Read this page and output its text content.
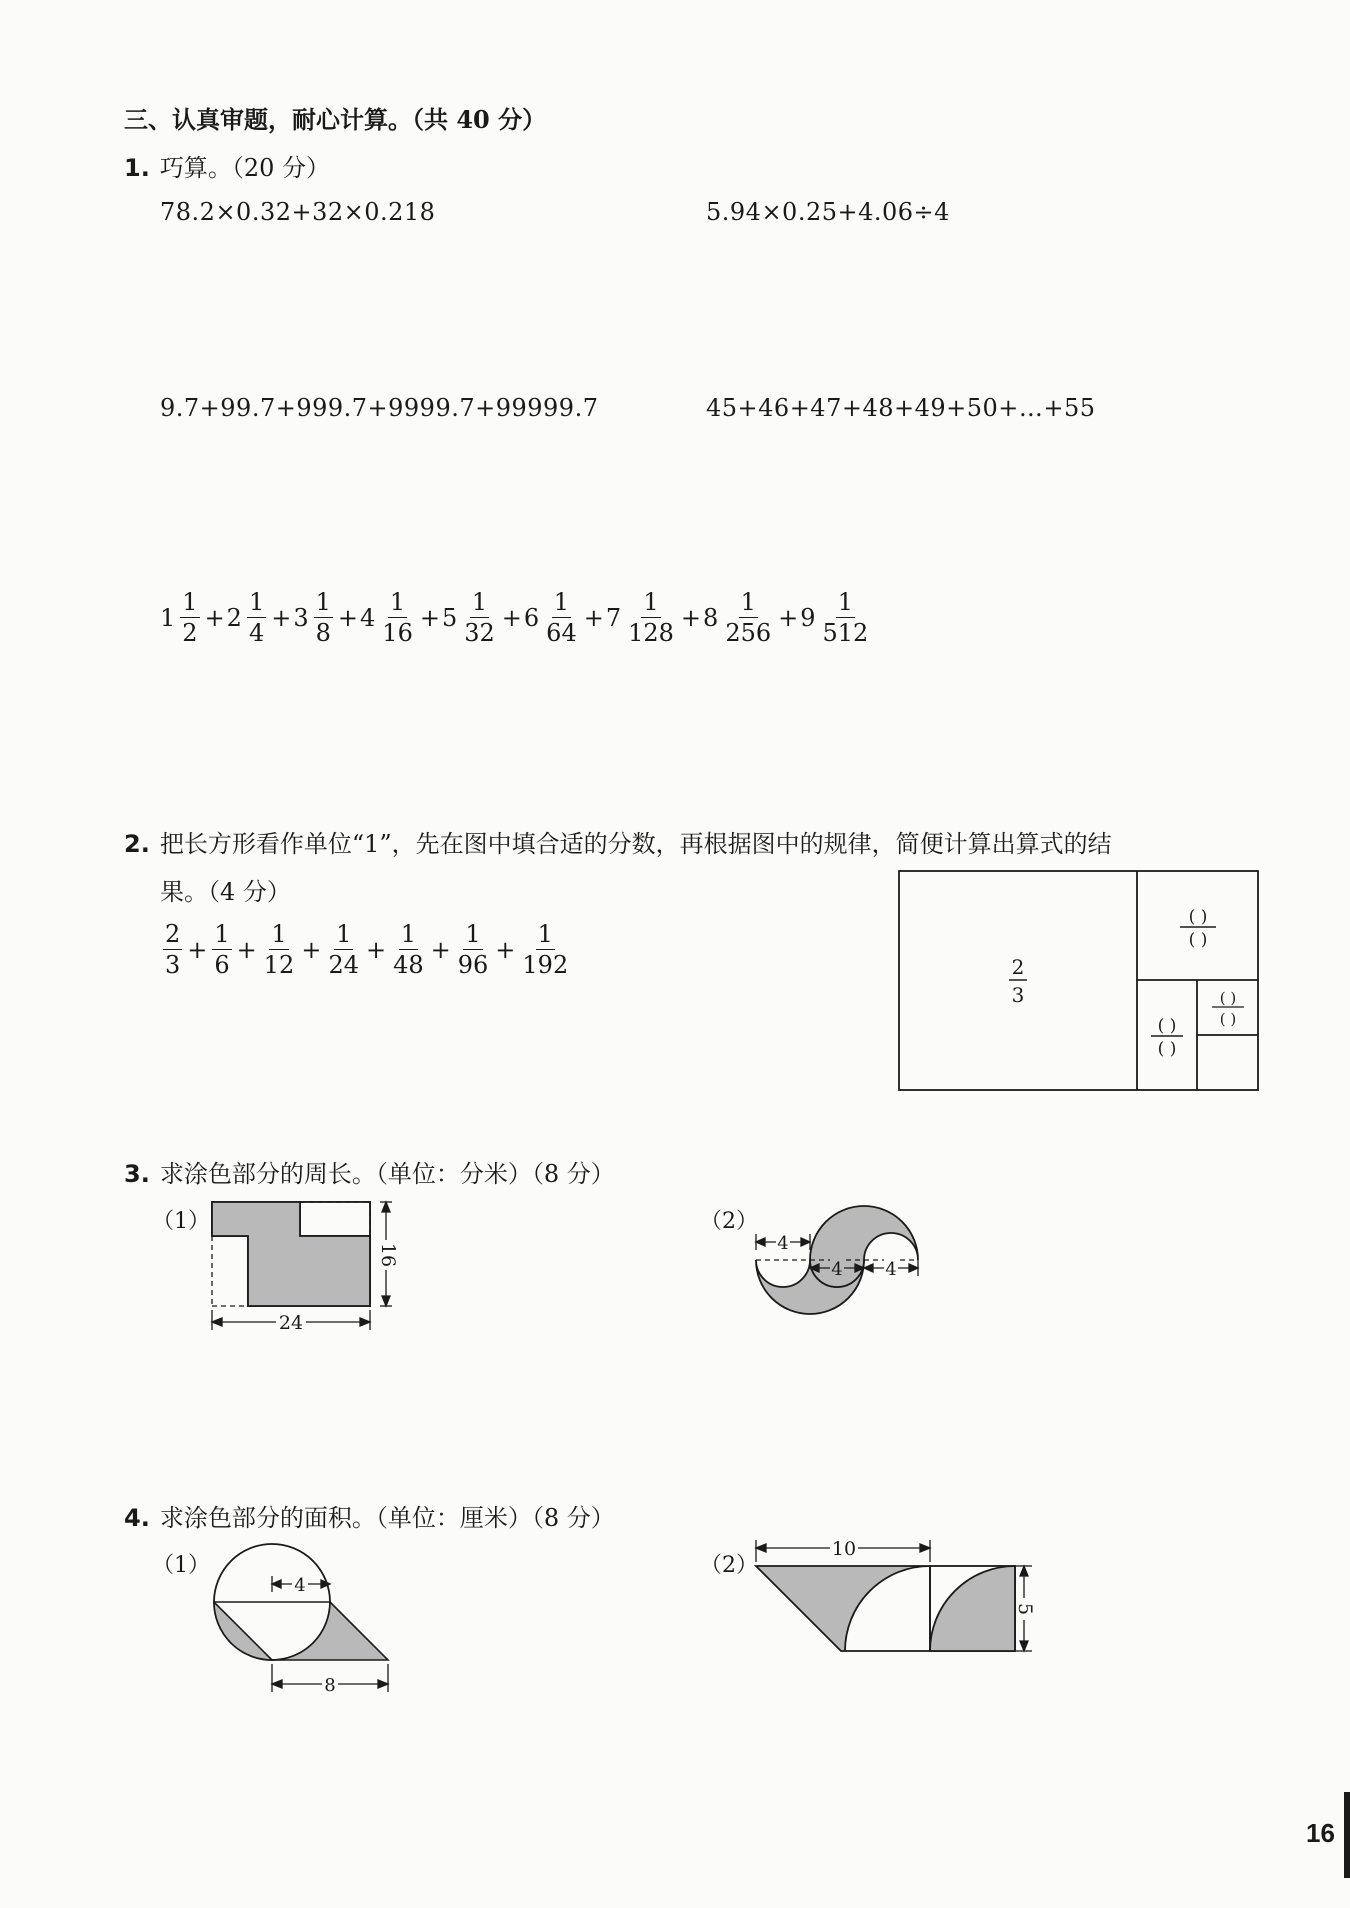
三、认真审题，耐心计算。（共 40 分）
1. 巧算。（20 分）
78.2×0.32+32×0.218	5.94×0.25+4.06÷4
9.7+99.7+999.7+9999.7+99999.7	45+46+47+48+49+50+…+55
$1 \frac{1}{2} + 2 \frac{1}{4} + 3 \frac{1}{8} + 4 \frac{1}{16} + 5 \frac{1}{32} + 6 \frac{1}{64} + 7 \frac{1}{128} + 8 \frac{1}{256} + 9 \frac{1}{512}$
2. 把长方形看作单位“1”，先在图中填合适的分数，再根据图中的规律，简便计算出算式的结
果。（4 分）
$\frac{2}{3} + \frac{1}{6} + \frac{1}{12} + \frac{1}{24} + \frac{1}{48} + \frac{1}{96} + \frac{1}{192}$	2
3
( )
( )
( )
( )
( )
( )
3. 求涂色部分的周长。（单位：分米）（8 分）
（1）	（2）
16
24
4
4 4
4. 求涂色部分的面积。（单位：厘米）（8 分）
（1）	（2）
4
8
10
5
16
